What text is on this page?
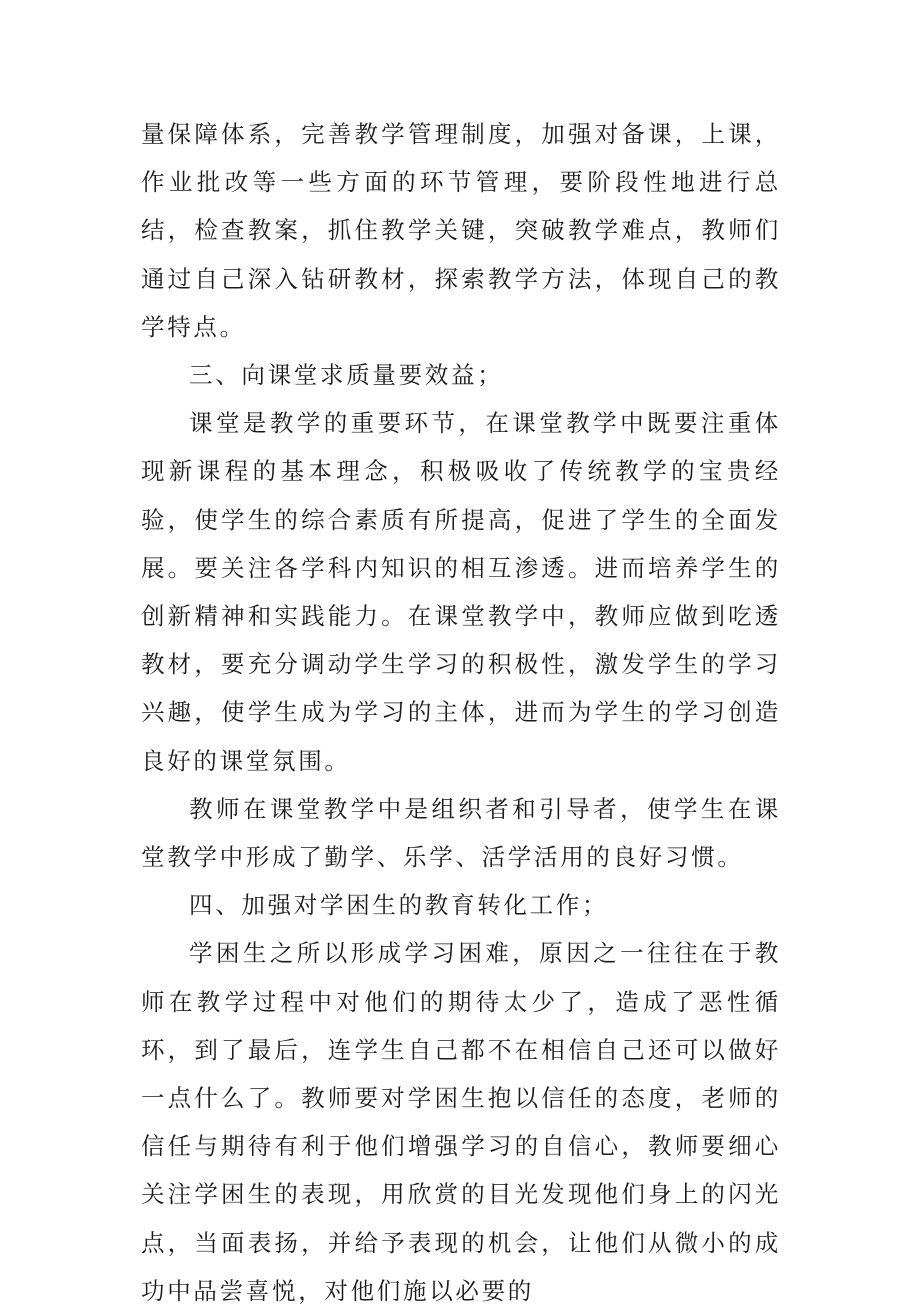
量保障体系，完善教学管理制度，加强对备课，上课，作业批改等一些方面的环节管理，要阶段性地进行总结，检查教案，抓住教学关键，突破教学难点，教师们通过自己深入钻研教材，探索教学方法，体现自己的教学特点。

三、向课堂求质量要效益；

课堂是教学的重要环节，在课堂教学中既要注重体现新课程的基本理念，积极吸收了传统教学的宝贵经验，使学生的综合素质有所提高，促进了学生的全面发展。要关注各学科内知识的相互渗透。进而培养学生的创新精神和实践能力。在课堂教学中，教师应做到吃透教材，要充分调动学生学习的积极性，激发学生的学习兴趣，使学生成为学习的主体，进而为学生的学习创造良好的课堂氛围。

教师在课堂教学中是组织者和引导者，使学生在课堂教学中形成了勤学、乐学、活学活用的良好习惯。

四、加强对学困生的教育转化工作；

学困生之所以形成学习困难，原因之一往往在于教师在教学过程中对他们的期待太少了，造成了恶性循环，到了最后，连学生自己都不在相信自己还可以做好一点什么了。教师要对学困生抱以信任的态度，老师的信任与期待有利于他们增强学习的自信心，教师要细心关注学困生的表现，用欣赏的目光发现他们身上的闪光点，当面表扬，并给予表现的机会，让他们从微小的成功中品尝喜悦，对他们施以必要的
